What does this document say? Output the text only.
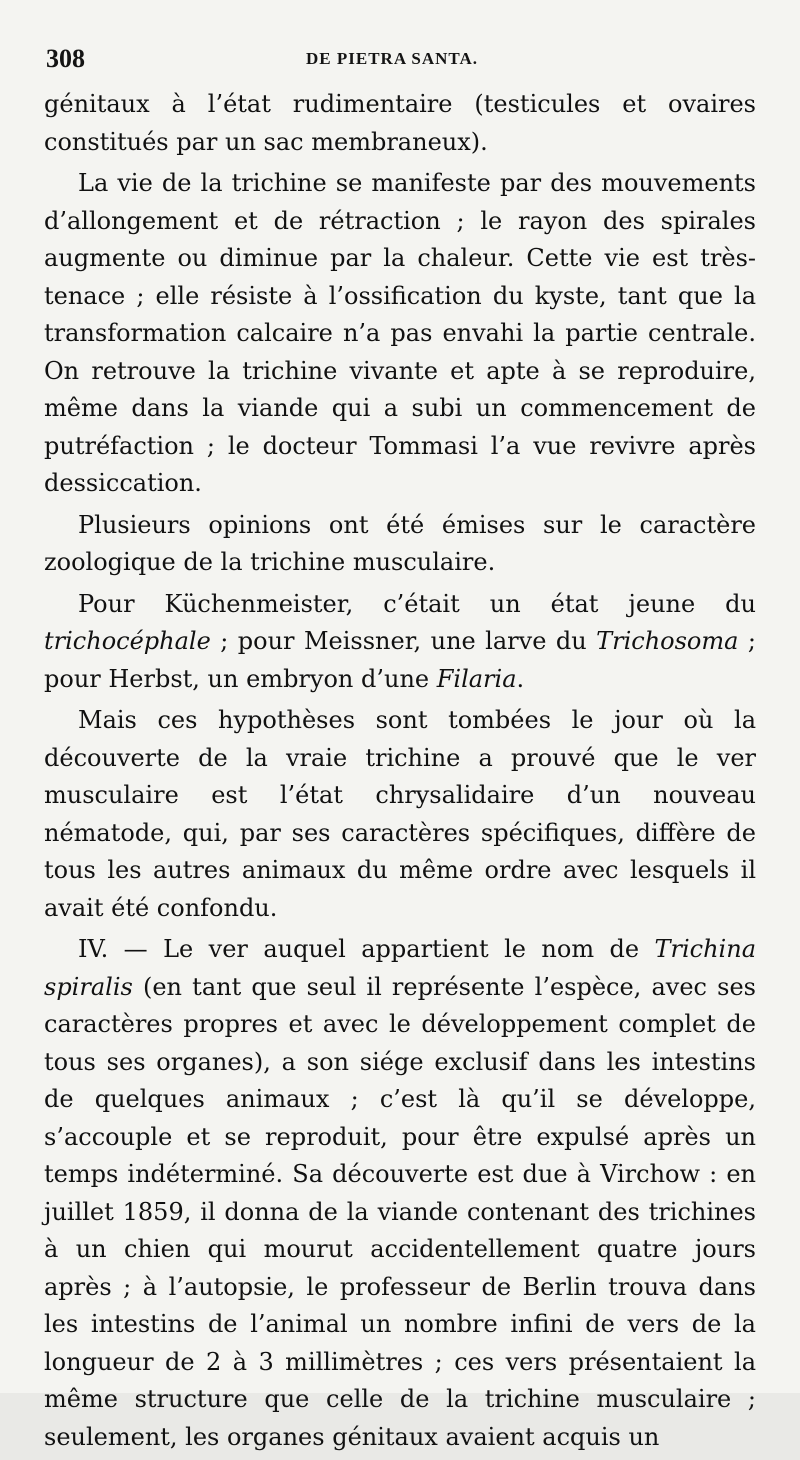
308	DE PIETRA SANTA.

génitaux à l’état rudimentaire (testicules et ovaires constitués par un sac membraneux).

La vie de la trichine se manifeste par des mouvements d’allongement et de rétraction ; le rayon des spirales augmente ou diminue par la chaleur. Cette vie est très-tenace ; elle résiste à l’ossification du kyste, tant que la transformation calcaire n’a pas envahi la partie centrale. On retrouve la trichine vivante et apte à se reproduire, même dans la viande qui a subi un commencement de putréfaction ; le docteur Tommasi l’a vue revivre après dessiccation.

Plusieurs opinions ont été émises sur le caractère zoologique de la trichine musculaire.

Pour Küchenmeister, c’était un état jeune du trichocéphale ; pour Meissner, une larve du Trichosoma ; pour Herbst, un embryon d’une Filaria.

Mais ces hypothèses sont tombées le jour où la découverte de la vraie trichine a prouvé que le ver musculaire est l’état chrysalidaire d’un nouveau nématode, qui, par ses caractères spécifiques, diffère de tous les autres animaux du même ordre avec lesquels il avait été confondu.

IV. — Le ver auquel appartient le nom de Trichina spiralis (en tant que seul il représente l’espèce, avec ses caractères propres et avec le développement complet de tous ses organes), a son siége exclusif dans les intestins de quelques animaux ; c’est là qu’il se développe, s’accouple et se reproduit, pour être expulsé après un temps indéterminé. Sa découverte est due à Virchow : en juillet 1859, il donna de la viande contenant des trichines à un chien qui mourut accidentellement quatre jours après ; à l’autopsie, le professeur de Berlin trouva dans les intestins de l’animal un nombre infini de vers de la longueur de 2 à 3 millimètres ; ces vers présentaient la même structure que celle de la trichine musculaire ; seulement, les organes génitaux avaient acquis un
